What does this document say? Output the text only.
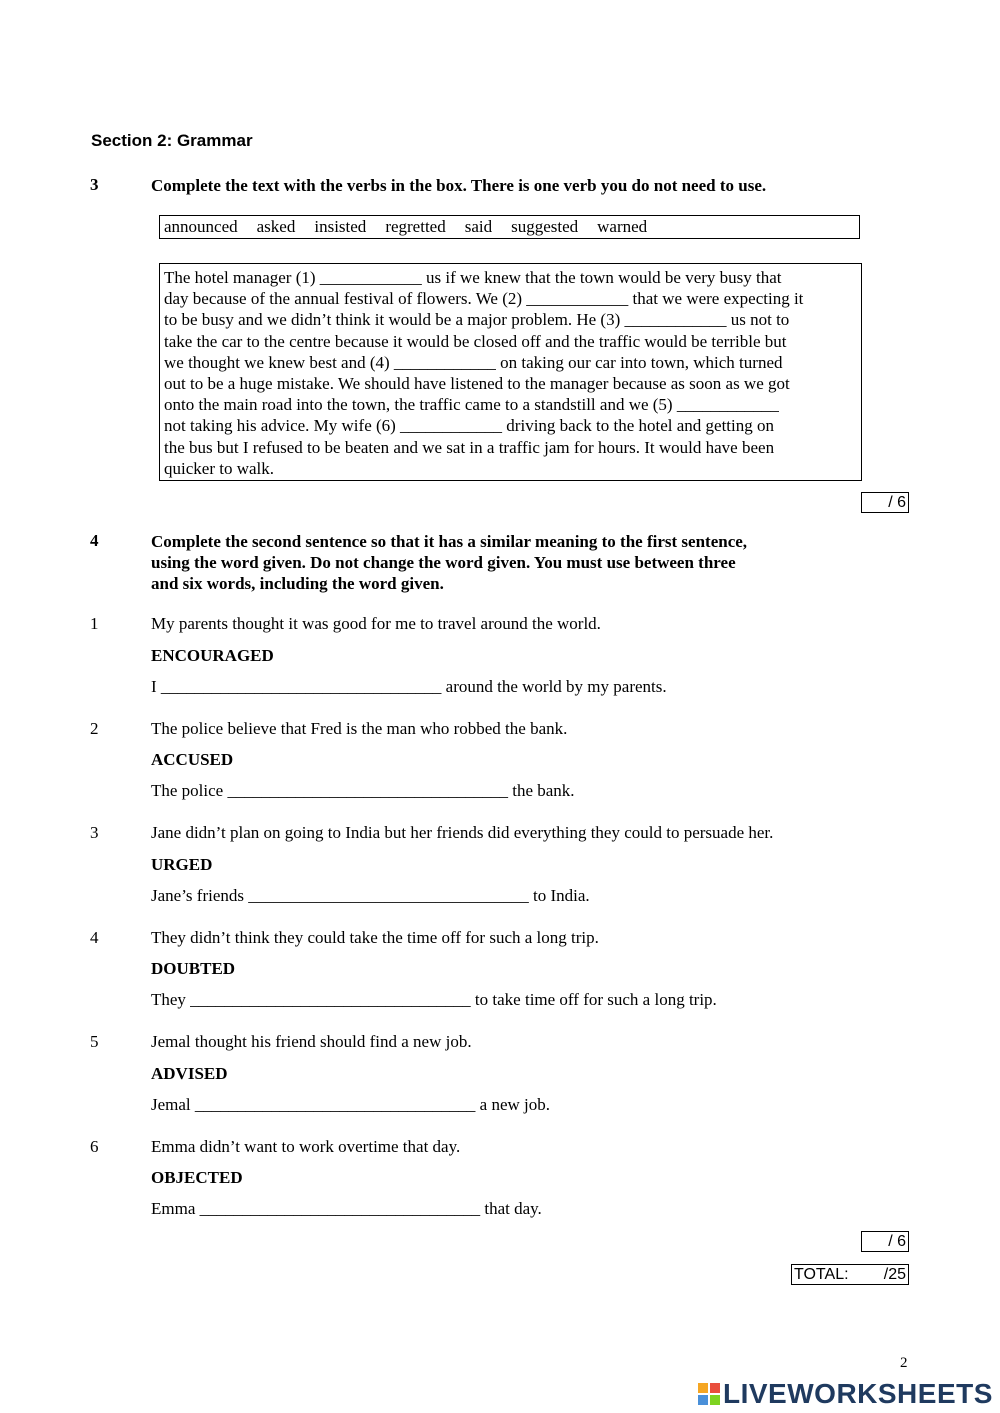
Section 2: Grammar
3	Complete the text with the verbs in the box. There is one verb you do not need to use.
announced asked insisted regretted said suggested warned
The hotel manager (1) ____________ us if we knew that the town would be very busy that
day because of the annual festival of flowers. We (2) ____________ that we were expecting it
to be busy and we didn’t think it would be a major problem. He (3) ____________ us not to
take the car to the centre because it would be closed off and the traffic would be terrible but
we thought we knew best and (4) ____________ on taking our car into town, which turned
out to be a huge mistake. We should have listened to the manager because as soon as we got
onto the main road into the town, the traffic came to a standstill and we (5) ____________
not taking his advice. My wife (6) ____________ driving back to the hotel and getting on
the bus but I refused to be beaten and we sat in a traffic jam for hours. It would have been
quicker to walk.
/ 6
4	Complete the second sentence so that it has a similar meaning to the first sentence,
using the word given. Do not change the word given. You must use between three
and six words, including the word given.
1	My parents thought it was good for me to travel around the world.
ENCOURAGED
I _________________________________ around the world by my parents.
2	The police believe that Fred is the man who robbed the bank.
ACCUSED
The police _________________________________ the bank.
3	Jane didn’t plan on going to India but her friends did everything they could to persuade her.
URGED
Jane’s friends _________________________________ to India.
4	They didn’t think they could take the time off for such a long trip.
DOUBTED
They _________________________________ to take time off for such a long trip.
5	Jemal thought his friend should find a new job.
ADVISED
Jemal _________________________________ a new job.
6	Emma didn’t want to work overtime that day.
OBJECTED
Emma _________________________________ that day.
/ 6
TOTAL: /25
2
LIVEWORKSHEETS
